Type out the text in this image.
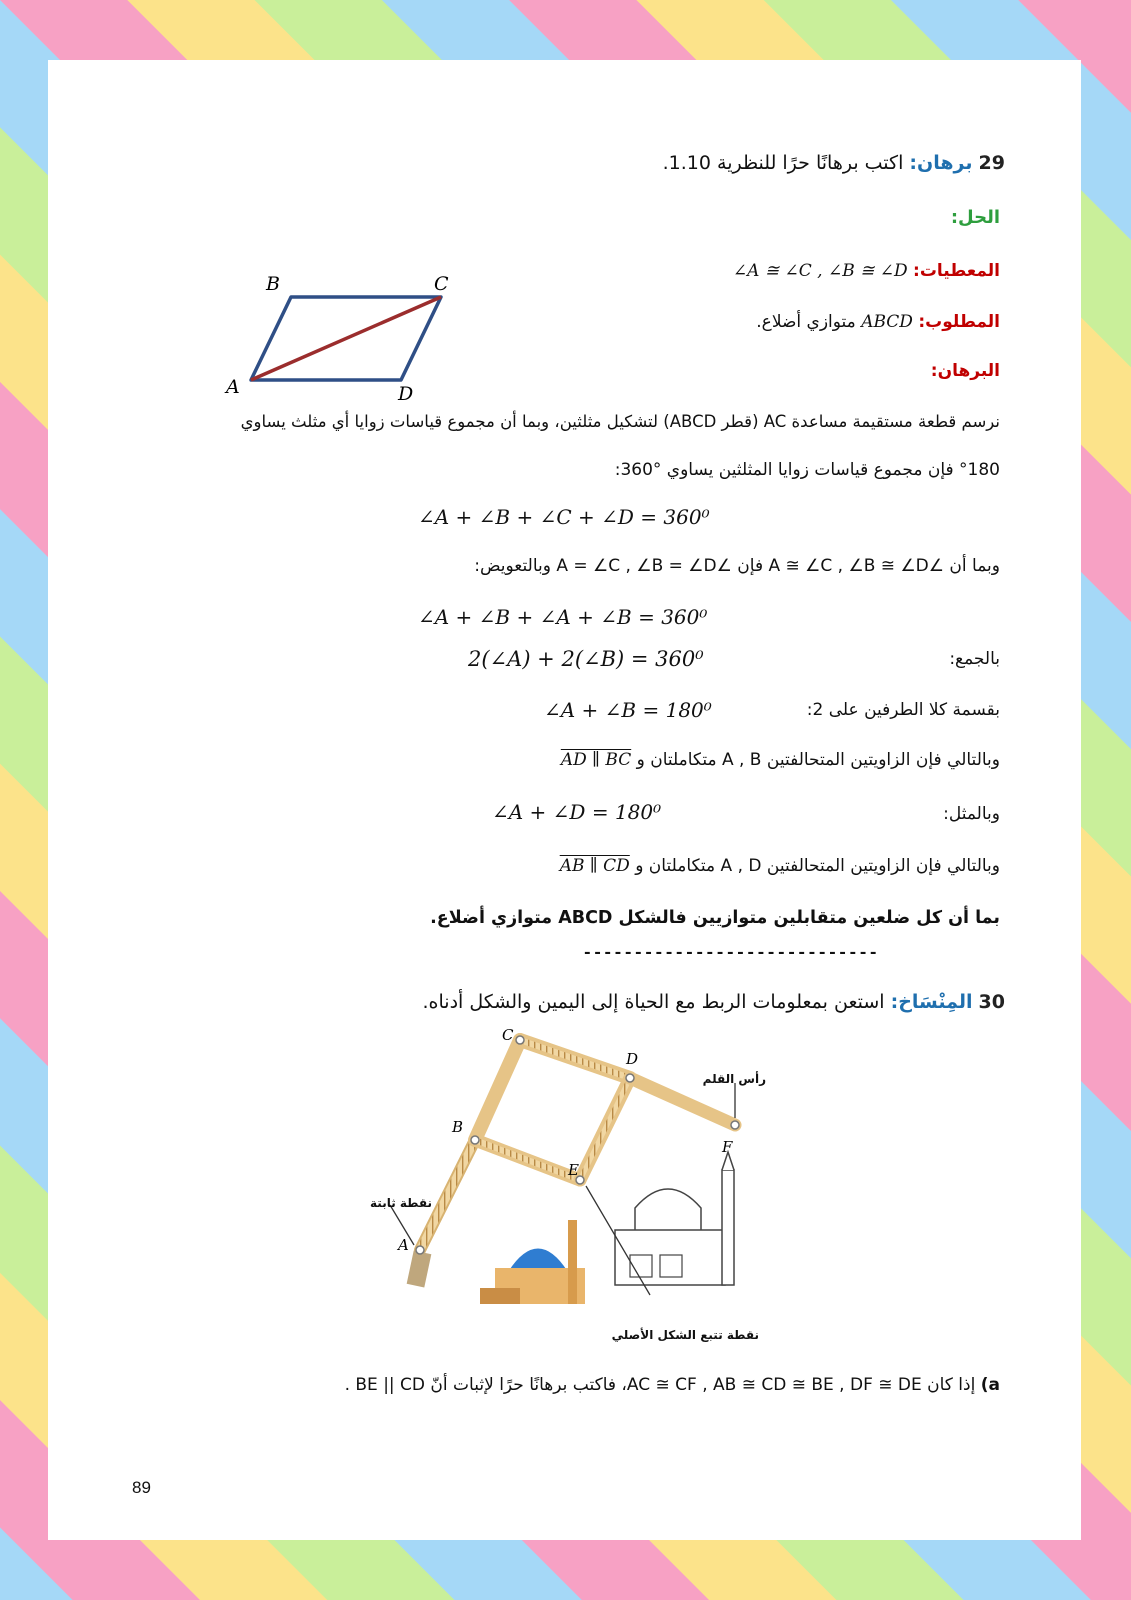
29 برهان: اكتب برهانًا حرًا للنظرية 1.10.
الحل:
المعطيات: ∠A ≅ ∠C , ∠B ≅ ∠D
المطلوب: ABCD متوازي أضلاع.
البرهان:
A
B	C
D
نرسم قطعة مستقيمة مساعدة AC (قطر ABCD) لتشكيل مثلثين، وبما أن مجموع قياسات زوايا أي مثلث يساوي
°180 فإن مجموع قياسات زوايا المثلثين يساوي °360:
∠A + ∠B + ∠C + ∠D = 360⁰
وبما أن ∠A ≅ ∠C , ∠B ≅ ∠D فإن ∠A = ∠C , ∠B = ∠D وبالتعويض:
∠A + ∠B + ∠A + ∠B = 360⁰
بالجمع:
2(∠A) + 2(∠B) = 360⁰
بقسمة كلا الطرفين على 2:
∠A + ∠B = 180⁰
وبالتالي فإن الزاويتين المتحالفتين A , B متكاملتان و AD ∥ BC
وبالمثل:
∠A + ∠D = 180⁰
وبالتالي فإن الزاويتين المتحالفتين A , D متكاملتان و AB ∥ CD
بما أن كل ضلعين متقابلين متوازيين فالشكل ABCD متوازي أضلاع.
- - - - - - - - - - - - - - - - - - - - - - - - - - - - -
30 المِنْسَاخ: استعن بمعلومات الربط مع الحياة إلى اليمين والشكل أدناه.
A
B
C
D
E
F
رأس القلم
نقطة ثابتة
نقطة تتبع الشكل الأصلي
a) إذا كان AC ≅ CF , AB ≅ CD ≅ BE , DF ≅ DE، فاكتب برهانًا حرًا لإثبات أنّ BE || CD .
89
